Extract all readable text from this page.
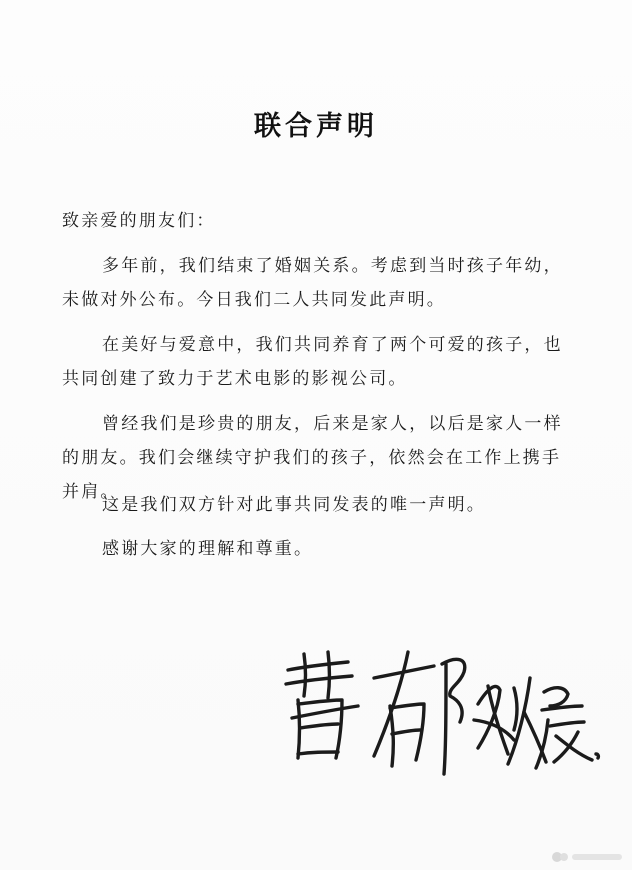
联合声明
致亲爱的朋友们：
多年前，我们结束了婚姻关系。考虑到当时孩子年幼，未做对外公布。今日我们二人共同发此声明。
在美好与爱意中，我们共同养育了两个可爱的孩子，也共同创建了致力于艺术电影的影视公司。
曾经我们是珍贵的朋友，后来是家人，以后是家人一样的朋友。我们会继续守护我们的孩子，依然会在工作上携手并肩。
这是我们双方针对此事共同发表的唯一声明。
感谢大家的理解和尊重。
